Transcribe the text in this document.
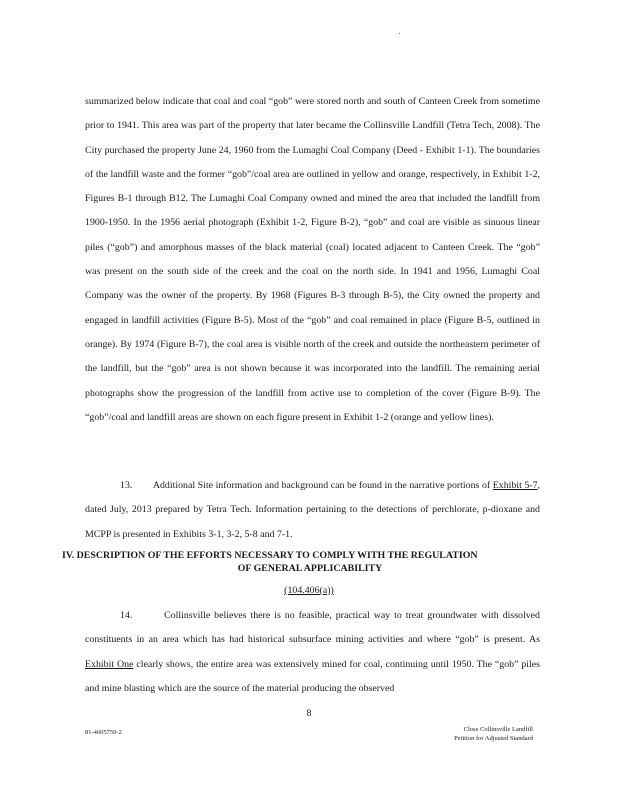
summarized below indicate that coal and coal “gob” were stored north and south of Canteen Creek from sometime prior to 1941. This area was part of the property that later became the Collinsville Landfill (Tetra Tech, 2008). The City purchased the property June 24, 1960 from the Lumaghi Coal Company (Deed - Exhibit 1-1). The boundaries of the landfill waste and the former “gob”/coal area are outlined in yellow and orange, respectively, in Exhibit 1-2, Figures B-1 through B12. The Lumaghi Coal Company owned and mined the area that included the landfill from 1900-1950. In the 1956 aerial photograph (Exhibit 1-2, Figure B-2), “gob” and coal are visible as sinuous linear piles (“gob”) and amorphous masses of the black material (coal) located adjacent to Canteen Creek. The “gob” was present on the south side of the creek and the coal on the north side. In 1941 and 1956, Lumaghi Coal Company was the owner of the property. By 1968 (Figures B-3 through B-5), the City owned the property and engaged in landfill activities (Figure B-5). Most of the “gob” and coal remained in place (Figure B-5, outlined in orange). By 1974 (Figure B-7), the coal area is visible north of the creek and outside the northeastern perimeter of the landfill, but the “gob” area is not shown because it was incorporated into the landfill. The remaining aerial photographs show the progression of the landfill from active use to completion of the cover (Figure B-9). The “gob”/coal and landfill areas are shown on each figure present in Exhibit 1-2 (orange and yellow lines).
13. Additional Site information and background can be found in the narrative portions of Exhibit 5-7, dated July, 2013 prepared by Tetra Tech. Information pertaining to the detections of perchlorate, p-dioxane and MCPP is presented in Exhibits 3-1, 3-2, 5-8 and 7-1.
IV. DESCRIPTION OF THE EFFORTS NECESSARY TO COMPLY WITH THE REGULATION
OF GENERAL APPLICABILITY
(104.406(a))
14.	Collinsville believes there is no feasible, practical way to treat groundwater with dissolved constituents in an area which has had historical subsurface mining activities and where “gob” is present. As Exhibit One clearly shows, the entire area was extensively mined for coal, continuing until 1950. The “gob” piles and mine blasting which are the source of the material producing the observed
8
81-4605759-2	Close Collinsville Landfill
Petition for Adjusted Standard
